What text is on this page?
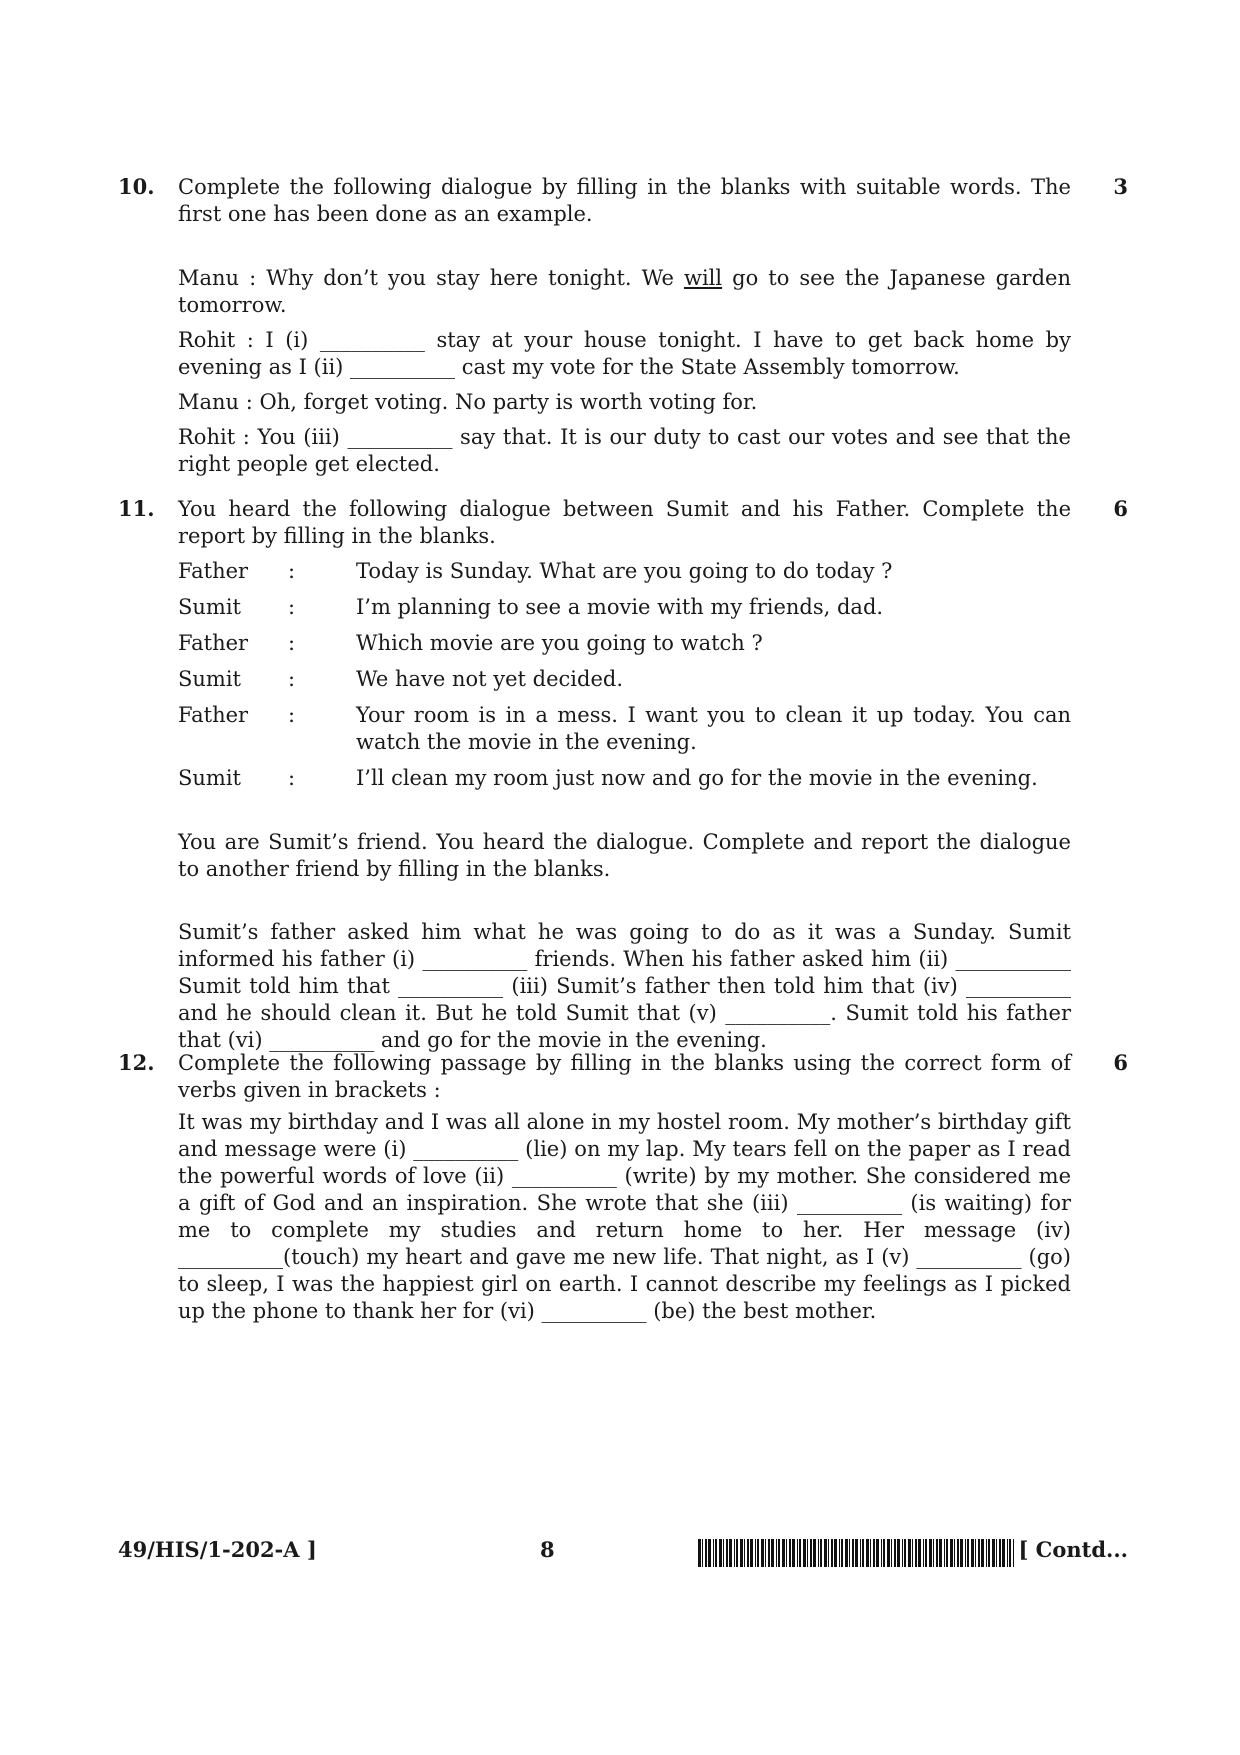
10.	3

Complete the following dialogue by filling in the blanks with suitable words. The first one has been done as an example.

Manu : Why don’t you stay here tonight. We will go to see the Japanese garden tomorrow.

Rohit : I (i) __________ stay at your house tonight. I have to get back home by evening as I (ii) __________ cast my vote for the State Assembly tomorrow.

Manu : Oh, forget voting. No party is worth voting for.

Rohit : You (iii) __________ say that. It is our duty to cast our votes and see that the right people get elected.

11.	6

You heard the following dialogue between Sumit and his Father. Complete the report by filling in the blanks.

Father	:	Today is Sunday. What are you going to do today ?
Sumit	:	I’m planning to see a movie with my friends, dad.
Father	:	Which movie are you going to watch ?
Sumit	:	We have not yet decided.
Father	:	Your room is in a mess. I want you to clean it up today. You can watch the movie in the evening.
Sumit	:	I’ll clean my room just now and go for the movie in the evening.

You are Sumit’s friend. You heard the dialogue. Complete and report the dialogue to another friend by filling in the blanks.

Sumit’s father asked him what he was going to do as it was a Sunday. Sumit informed his father (i) __________ friends. When his father asked him (ii) ___________ Sumit told him that __________ (iii) Sumit’s father then told him that (iv) __________ and he should clean it. But he told Sumit that (v) __________. Sumit told his father that (vi) __________ and go for the movie in the evening.

12.	6

Complete the following passage by filling in the blanks using the correct form of verbs given in brackets :

It was my birthday and I was all alone in my hostel room. My mother’s birthday gift and message were (i) __________ (lie) on my lap. My tears fell on the paper as I read the powerful words of love (ii) __________ (write) by my mother. She considered me a gift of God and an inspiration. She wrote that she (iii) __________ (is waiting) for me to complete my studies and return home to her. Her message (iv) __________(touch) my heart and gave me new life. That night, as I (v) __________ (go) to sleep, I was the happiest girl on earth. I cannot describe my feelings as I picked up the phone to thank her for (vi) __________ (be) the best mother.

49/HIS/1-202-A ]	8	[ Contd...
